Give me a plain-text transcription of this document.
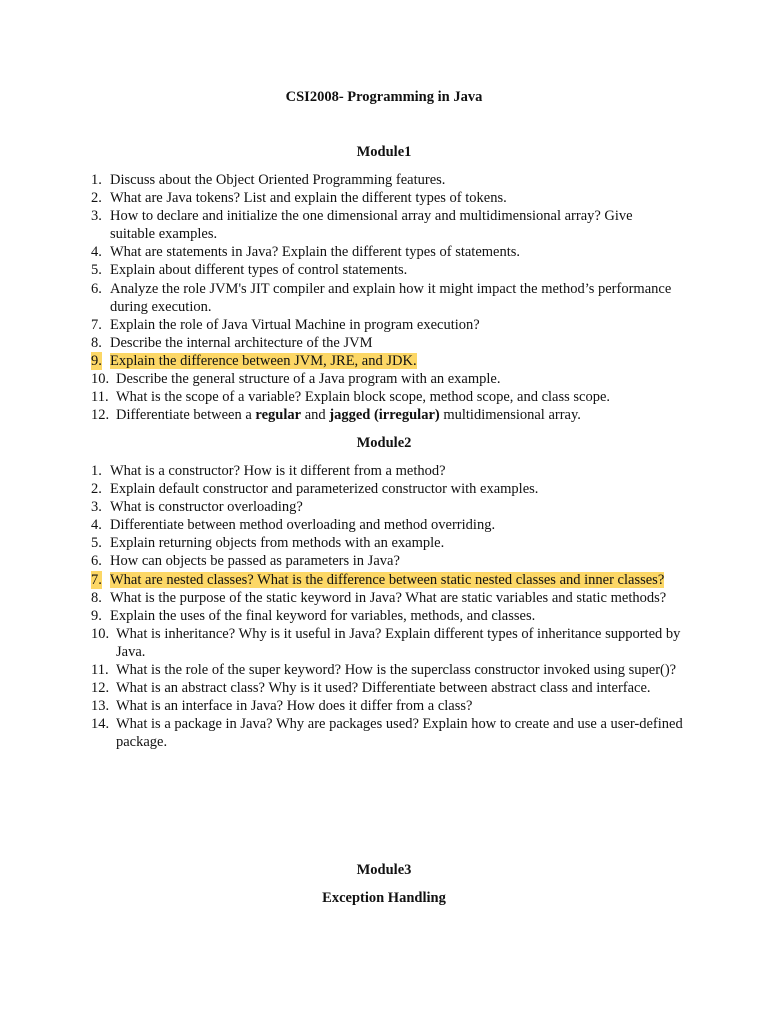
CSI2008- Programming in Java
Module1
1. Discuss about the Object Oriented Programming features.
2. What are Java tokens? List and explain the different types of tokens.
3. How to declare and initialize the one dimensional array and multidimensional array? Give suitable examples.
4. What are statements in Java? Explain the different types of statements.
5. Explain about different types of control statements.
6. Analyze the role JVM's JIT compiler and explain how it might impact the method’s performance during execution.
7. Explain the role of Java Virtual Machine in program execution?
8. Describe the internal architecture of the JVM
9. Explain the difference between JVM, JRE, and JDK.
10. Describe the general structure of a Java program with an example.
11. What is the scope of a variable? Explain block scope, method scope, and class scope.
12. Differentiate between a regular and jagged (irregular) multidimensional array.
Module2
1. What is a constructor? How is it different from a method?
2. Explain default constructor and parameterized constructor with examples.
3. What is constructor overloading?
4. Differentiate between method overloading and method overriding.
5. Explain returning objects from methods with an example.
6. How can objects be passed as parameters in Java?
7. What are nested classes? What is the difference between static nested classes and inner classes?
8. What is the purpose of the static keyword in Java? What are static variables and static methods?
9. Explain the uses of the final keyword for variables, methods, and classes.
10. What is inheritance? Why is it useful in Java? Explain different types of inheritance supported by Java.
11. What is the role of the super keyword? How is the superclass constructor invoked using super()?
12. What is an abstract class? Why is it used? Differentiate between abstract class and interface.
13. What is an interface in Java? How does it differ from a class?
14. What is a package in Java? Why are packages used? Explain how to create and use a user-defined package.
Module3
Exception Handling
